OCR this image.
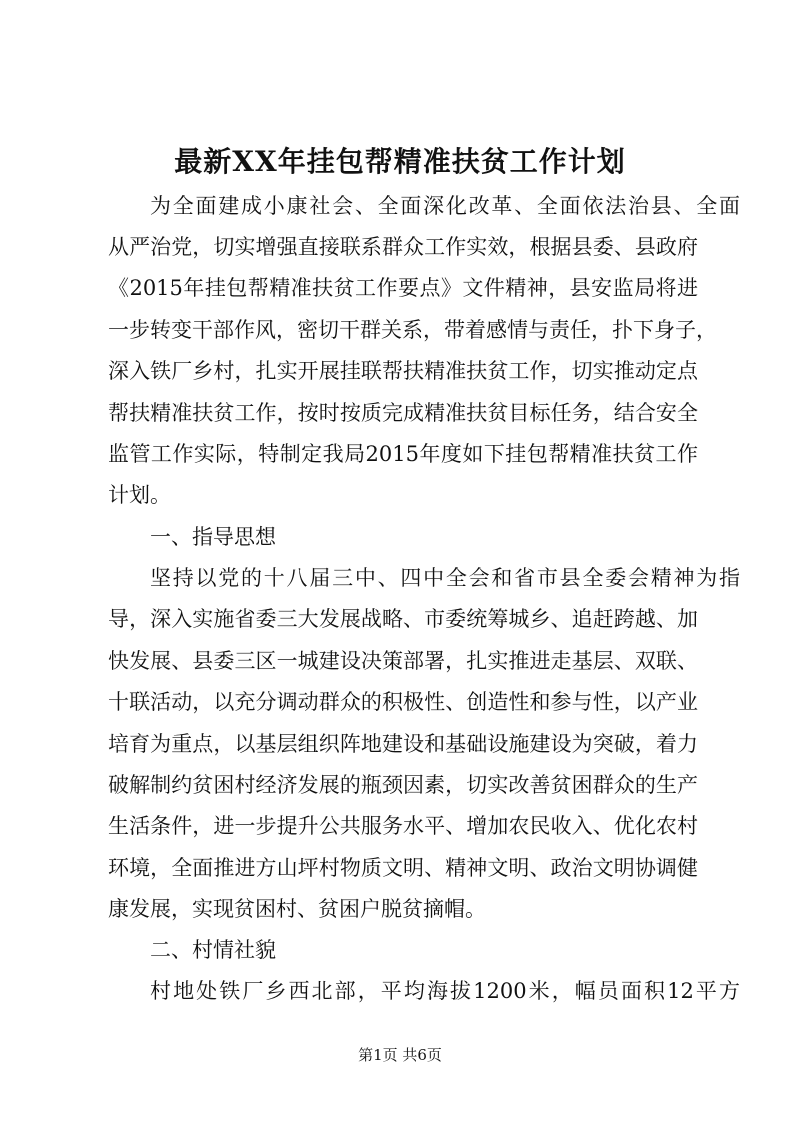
最新XX年挂包帮精准扶贫工作计划

为全面建成小康社会、全面深化改革、全面依法治县、全面

从严治党，切实增强直接联系群众工作实效，根据县委、县政府

《2015年挂包帮精准扶贫工作要点》文件精神，县安监局将进

一步转变干部作风，密切干群关系，带着感情与责任，扑下身子，

深入铁厂乡村，扎实开展挂联帮扶精准扶贫工作，切实推动定点

帮扶精准扶贫工作，按时按质完成精准扶贫目标任务，结合安全

监管工作实际，特制定我局2015年度如下挂包帮精准扶贫工作

计划。

一、指导思想

坚持以党的十八届三中、四中全会和省市县全委会精神为指

导，深入实施省委三大发展战略、市委统筹城乡、追赶跨越、加

快发展、县委三区一城建设决策部署，扎实推进走基层、双联、

十联活动，以充分调动群众的积极性、创造性和参与性，以产业

培育为重点，以基层组织阵地建设和基础设施建设为突破，着力

破解制约贫困村经济发展的瓶颈因素，切实改善贫困群众的生产

生活条件，进一步提升公共服务水平、增加农民收入、优化农村

环境，全面推进方山坪村物质文明、精神文明、政治文明协调健

康发展，实现贫困村、贫困户脱贫摘帽。

二、村情社貌

村地处铁厂乡西北部，平均海拔1200米，幅员面积12平方

第1页 共6页
